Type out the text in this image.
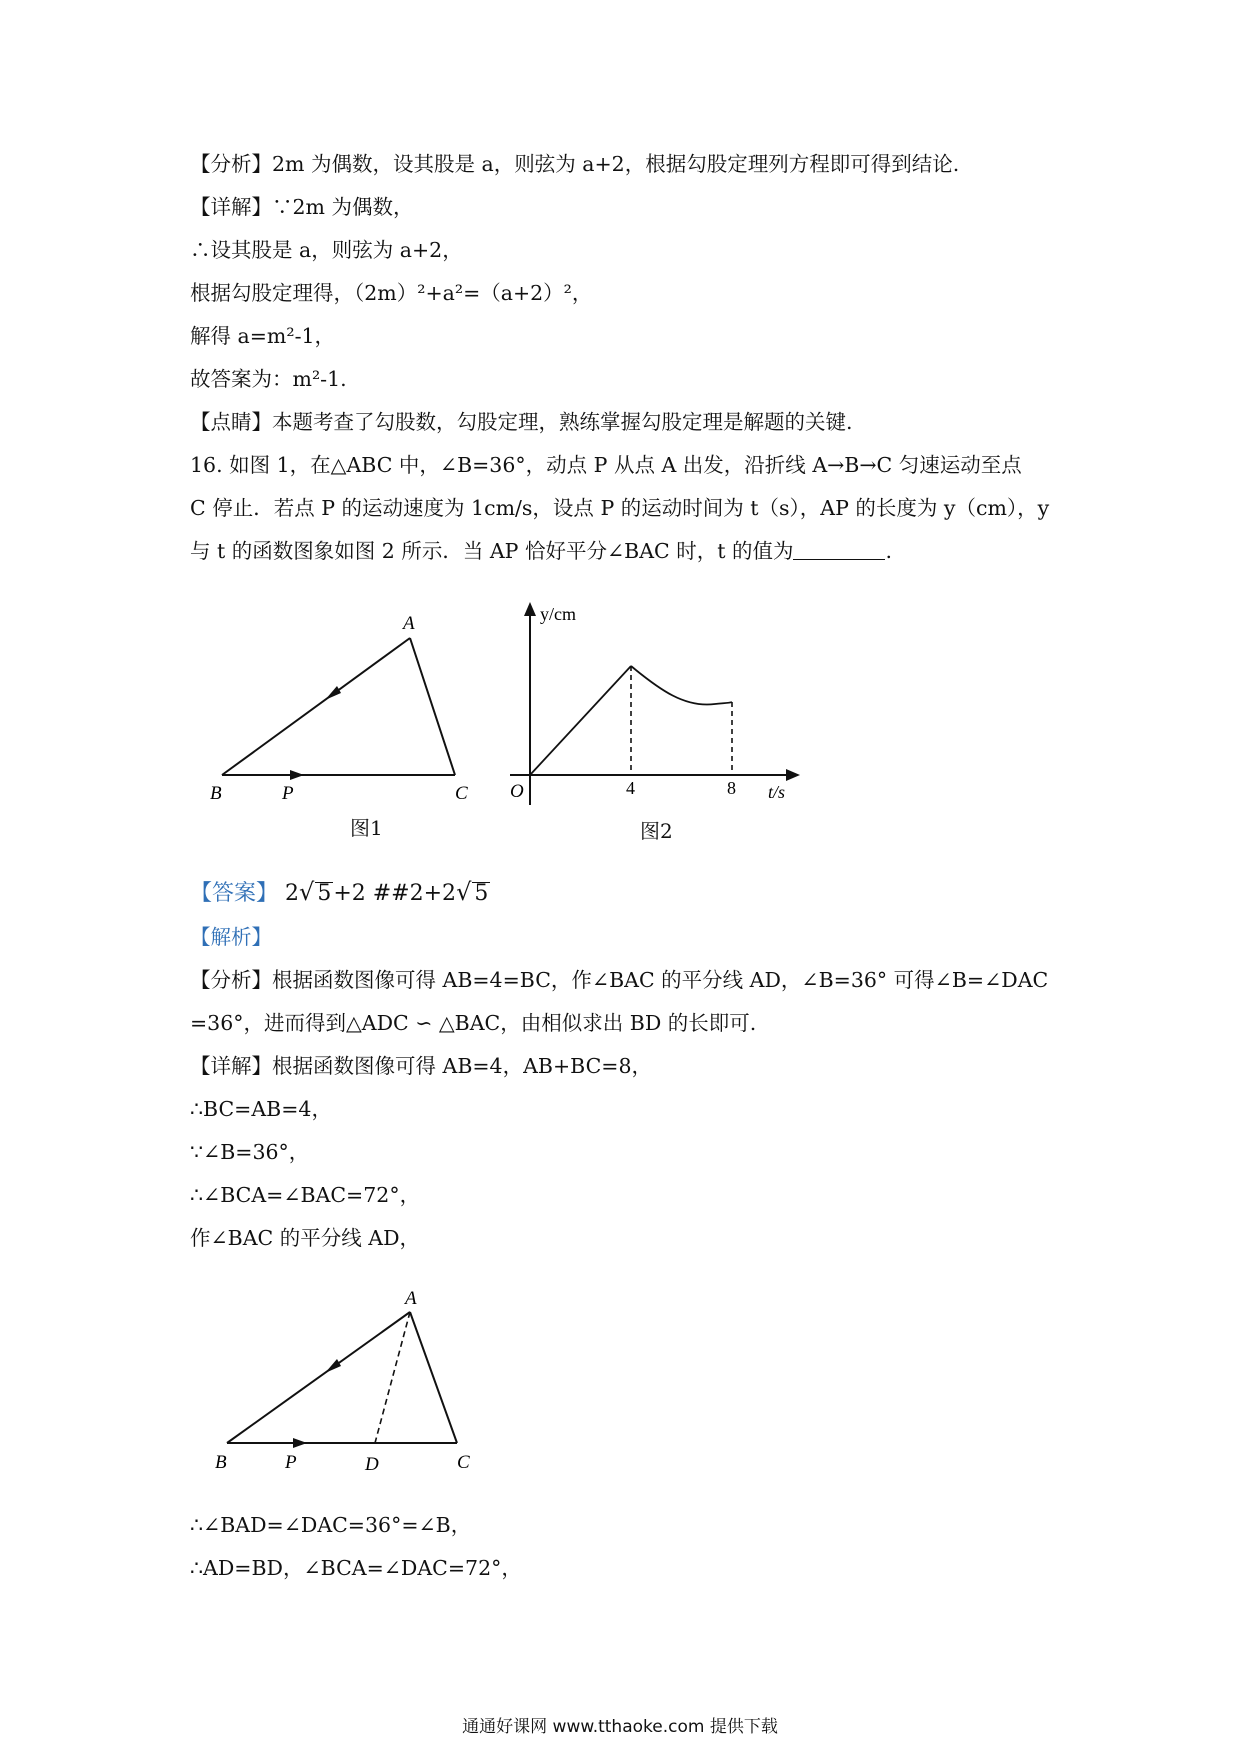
【分析】2m 为偶数，设其股是 a，则弦为 a+2，根据勾股定理列方程即可得到结论.
【详解】∵2m 为偶数，
∴设其股是 a，则弦为 a+2，
根据勾股定理得，（2m）²+a²=（a+2）²，
解得 a=m²-1，
故答案为：m²-1.
【点睛】本题考查了勾股数，勾股定理，熟练掌握勾股定理是解题的关键.
16. 如图 1，在△ABC 中，∠B=36°，动点 P 从点 A 出发，沿折线 A→B→C 匀速运动至点
C 停止．若点 P 的运动速度为 1cm/s，设点 P 的运动时间为 t（s），AP 的长度为 y（cm），y
与 t 的函数图象如图 2 所示．当 AP 恰好平分∠BAC 时，t 的值为	.
A
B	P	C
图1
y/cm
t/s
O	4	8
图2
【答案】 2√ 5+2 ##2+2√ 5
【解析】
【分析】根据函数图像可得 AB=4=BC，作∠BAC 的平分线 AD，∠B=36° 可得∠B=∠DAC
=36°，进而得到△ADC ∽ △BAC，由相似求出 BD 的长即可.
【详解】根据函数图像可得 AB=4，AB+BC=8，
∴BC=AB=4，
∵∠B=36°，
∴∠BCA=∠BAC=72°，
作∠BAC 的平分线 AD，
A
B	P	D	C
∴∠BAD=∠DAC=36°=∠B，
∴AD=BD，∠BCA=∠DAC=72°，
通通好课网 www.tthaoke.com 提供下载
